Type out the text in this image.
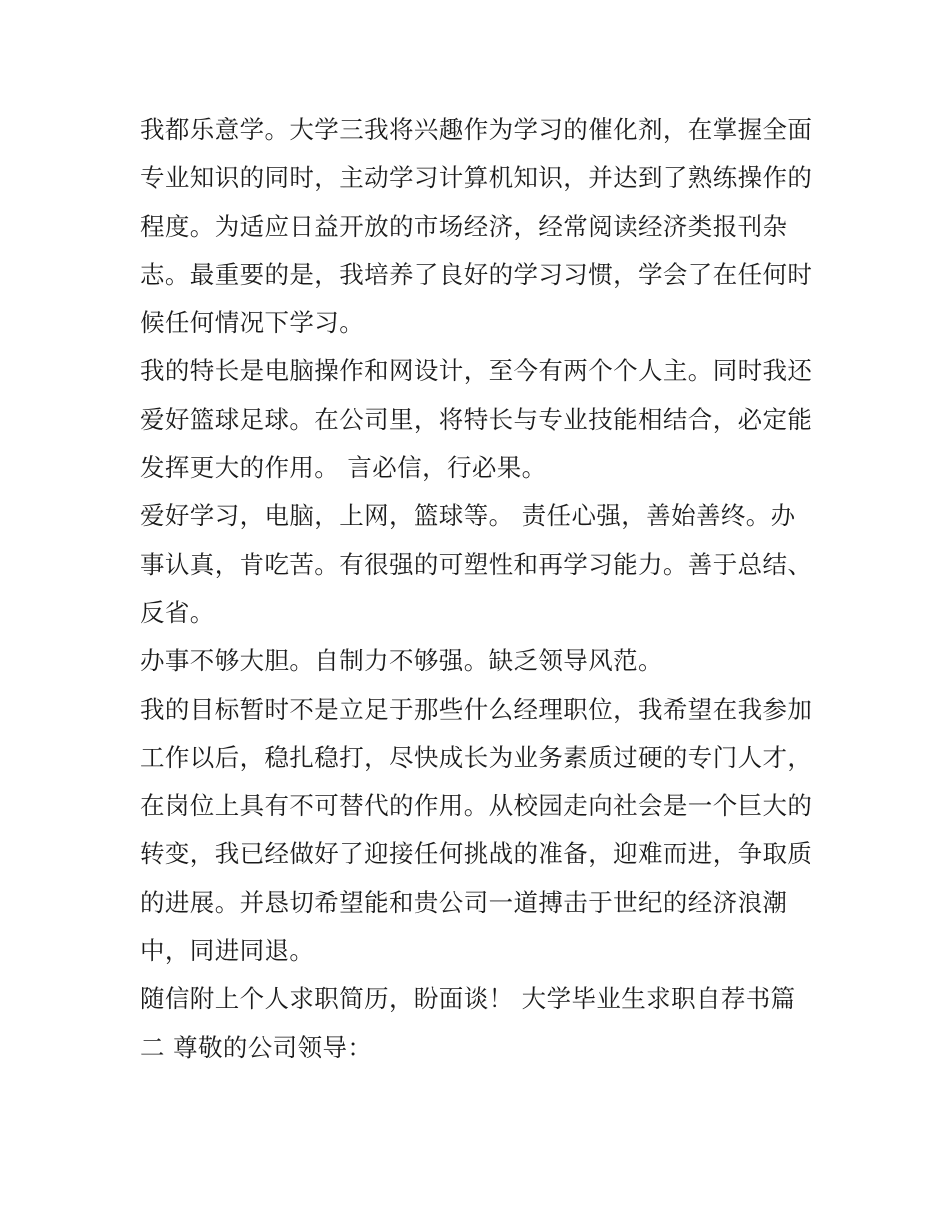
我都乐意学。大学三我将兴趣作为学习的催化剂，在掌握全面
专业知识的同时，主动学习计算机知识，并达到了熟练操作的
程度。为适应日益开放的市场经济，经常阅读经济类报刊杂
志。最重要的是，我培养了良好的学习习惯，学会了在任何时
候任何情况下学习。
我的特长是电脑操作和网设计，至今有两个个人主。同时我还
爱好篮球足球。在公司里，将特长与专业技能相结合，必定能
发挥更大的作用。 言必信，行必果。
爱好学习，电脑，上网，篮球等。 责任心强，善始善终。办
事认真，肯吃苦。有很强的可塑性和再学习能力。善于总结、
反省。
办事不够大胆。自制力不够强。缺乏领导风范。
我的目标暂时不是立足于那些什么经理职位，我希望在我参加
工作以后，稳扎稳打，尽快成长为业务素质过硬的专门人才，
在岗位上具有不可替代的作用。从校园走向社会是一个巨大的
转变，我已经做好了迎接任何挑战的准备，迎难而进，争取质
的进展。并恳切希望能和贵公司一道搏击于世纪的经济浪潮
中，同进同退。
随信附上个人求职简历，盼面谈！ 大学毕业生求职自荐书篇
二 尊敬的公司领导：
